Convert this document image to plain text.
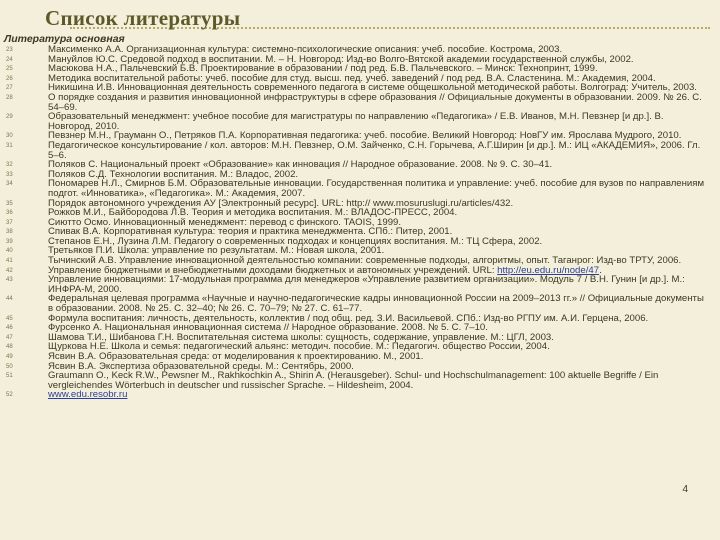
Список литературы
Литература основная
23	Максименко А.А. Организационная культура: системно-психологические описания: учеб. пособие. Кострома, 2003.
24	Мануйлов Ю.С. Средовой подход в воспитании. М. – Н. Новгород: Изд-во Волго-Вятской академии государственной службы, 2002.
25	Масюкова Н.А., Пальчевский Б.В. Проектирование в образовании / под ред. Б.В. Пальчевского. – Минск: Технопринт, 1999.
26	Методика воспитательной работы: учеб. пособие для студ. высш. пед. учеб. заведений / под ред. В.А. Сластенина. М.: Академия, 2004.
27	Никишина И.В. Инновационная деятельность современного педагога в системе общешкольной методической работы. Волгоград: Учитель, 2003.
28	О порядке создания и развития инновационной инфраструктуры в сфере образования // Официальные документы в образовании. 2009. № 26. С. 54–69.
29	Образовательный менеджмент: учебное пособие для магистратуры по направлению «Педагогика» / Е.В. Иванов, М.Н. Певзнер [и др.]. В. Новгород, 2010.
30	Певзнер М.Н., Грауманн О., Петряков П.А. Корпоративная педагогика: учеб. пособие. Великий Новгород: НовГУ им. Ярослава Мудрого, 2010.
31	Педагогическое консультирование / кол. авторов: М.Н. Певзнер, О.М. Зайченко, С.Н. Горычева, А.Г.Ширин [и др.]. М.: ИЦ «АКАДЕМИЯ», 2006. Гл. 5–6.
32	Поляков С. Национальный проект «Образование» как инновация // Народное образование. 2008. № 9. С. 30–41.
33	Поляков С.Д. Технологии воспитания. М.: Владос, 2002.
34	Пономарев Н.Л., Смирнов Б.М. Образовательные инновации. Государственная политика и управление: учеб. пособие для вузов по направлениям подгот. «Инноватика», «Педагогика». М.: Академия, 2007.
35	Порядок автономного учреждения АУ [Электронный ресурс]. URL: http:// www.mosuruslugi.ru/articles/432.
36	Рожков М.И., Байбородова Л.В. Теория и методика воспитания. М.: ВЛАДОС-ПРЕСС, 2004.
37	Сиютто Осмо. Инновационный менеджмент: перевод с финского. TAOIS, 1999.
38	Спивак В.А. Корпоративная культура: теория и практика менеджмента. СПб.: Питер, 2001.
39	Степанов Е.Н., Лузина Л.М. Педагогу о современных подходах и концепциях воспитания. М.: ТЦ Сфера, 2002.
40	Третьяков П.И. Школа: управление по результатам. М.: Новая школа, 2001.
41	Тычинский А.В. Управление инновационной деятельностью компании: современные подходы, алгоритмы, опыт. Таганрог: Изд-во ТРТУ, 2006.
42	Управление бюджетными и внебюджетными доходами бюджетных и автономных учреждений. URL: http://eu.edu.ru/node/47.
43	Управление инновациями: 17-модульная программа для менеджеров «Управление развитием организации». Модуль 7 / В.Н. Гунин [и др.]. М.: ИНФРА-М, 2000.
44	Федеральная целевая программа «Научные и научно-педагогические кадры инновационной России на 2009–2013 гг.» // Официальные документы в образовании. 2008. № 25. С. 32–40; № 26. С. 70–79; № 27. С. 61–77.
45	Формула воспитания: личность, деятельность, коллектив / под общ. ред. З.И. Васильевой. СПб.: Изд-во РГПУ им. А.И. Герцена, 2006.
46	Фурсенко А. Национальная инновационная система // Народное образование. 2008. № 5. С. 7–10.
47	Шамова Т.И., Шибанова Г.Н. Воспитательная система школы: сущность, содержание, управление. М.: ЦГЛ, 2003.
48	Щуркова Н.Е. Школа и семья: педагогический альянс: методич. пособие. М.: Педагогич. общество России, 2004.
49	Ясвин В.А. Образовательная среда: от моделирования к проектированию. М., 2001.
50	Ясвин В.А. Экспертиза образовательной среды. М.: Сентябрь, 2000.
51	Graumann O., Keck R.W., Pewsner M., Rakhkochkin A., Shirin A. (Herausgeber). Schul- und Hochschulmanagement: 100 aktuelle Begriffe / Ein vergleichendes Wörterbuch in deutscher und russischer Sprache. – Hildesheim, 2004.
52	www.edu.resobr.ru
4
